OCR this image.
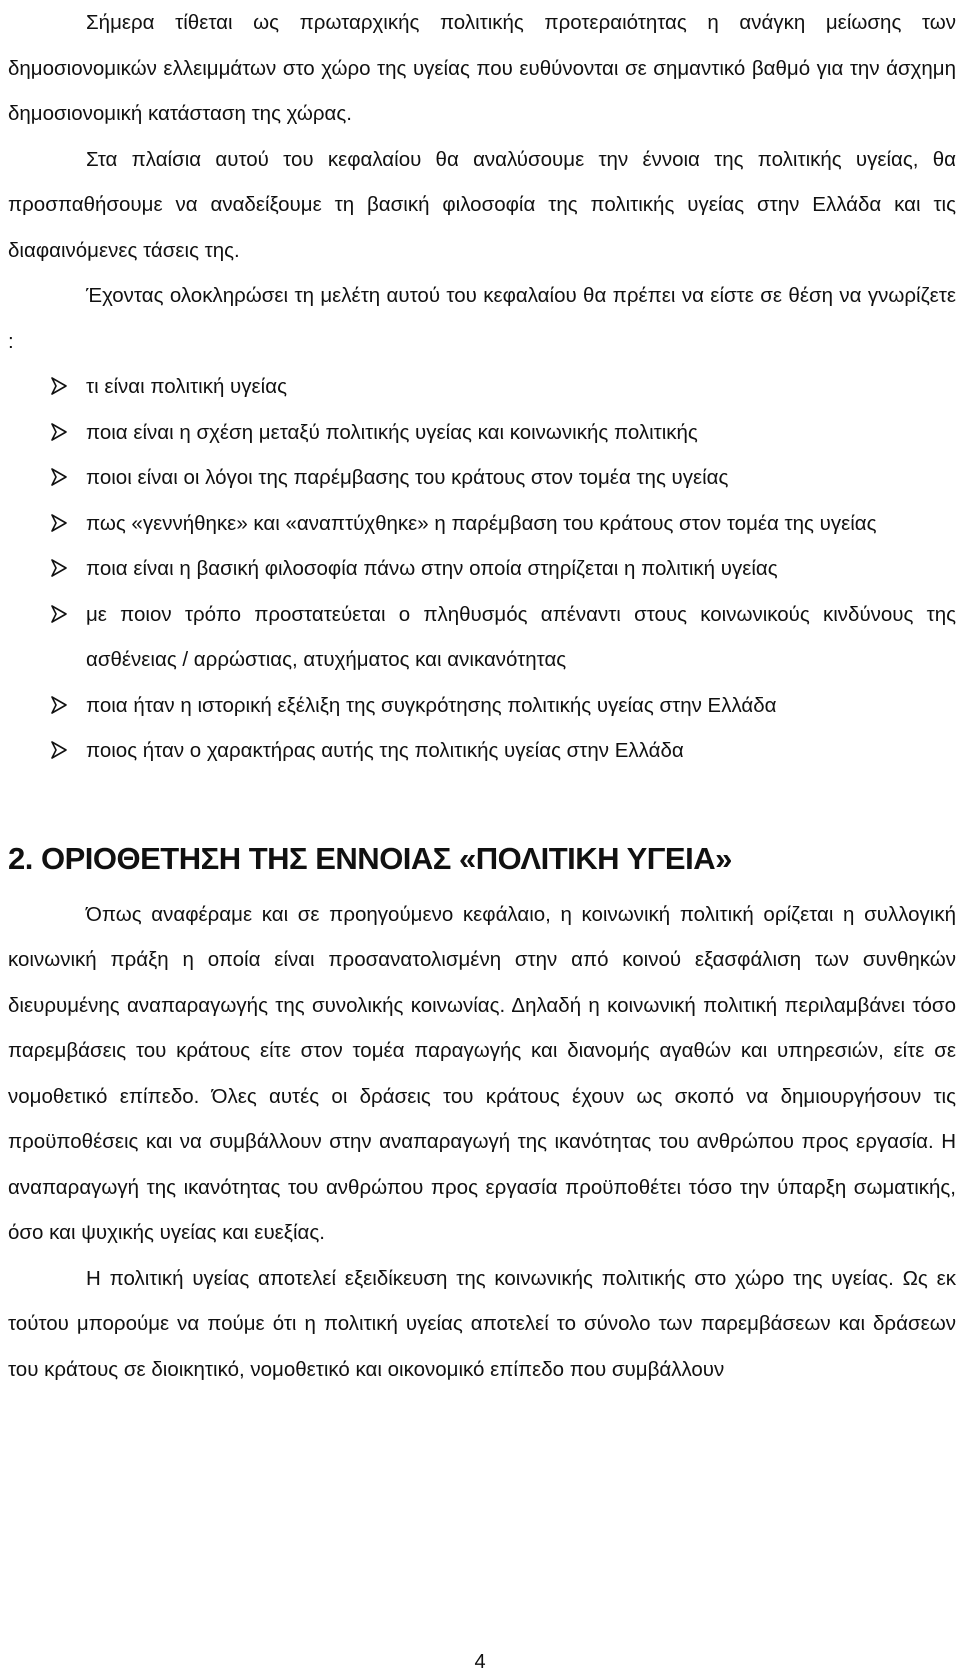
Σήμερα τίθεται ως πρωταρχικής πολιτικής προτεραιότητας η ανάγκη μείωσης των δημοσιονομικών ελλειμμάτων στο χώρο της υγείας που ευθύνονται σε σημαντικό βαθμό για την άσχημη δημοσιονομική κατάσταση της χώρας.

Στα πλαίσια αυτού του κεφαλαίου θα αναλύσουμε την έννοια της πολιτικής υγείας, θα προσπαθήσουμε να αναδείξουμε τη βασική φιλοσοφία της πολιτικής υγείας στην Ελλάδα και τις διαφαινόμενες τάσεις της.

Έχοντας ολοκληρώσει τη μελέτη αυτού του κεφαλαίου θα πρέπει να είστε σε θέση να γνωρίζετε :

τι είναι πολιτική υγείας
ποια είναι η σχέση μεταξύ πολιτικής υγείας και κοινωνικής πολιτικής
ποιοι είναι οι λόγοι της παρέμβασης του κράτους στον τομέα της υγείας
πως «γεννήθηκε» και «αναπτύχθηκε» η παρέμβαση του κράτους στον τομέα της υγείας
ποια είναι η βασική φιλοσοφία πάνω στην οποία στηρίζεται η πολιτική υγείας
με ποιον τρόπο προστατεύεται ο πληθυσμός απέναντι στους κοινωνικούς κινδύνους της ασθένειας / αρρώστιας, ατυχήματος και ανικανότητας
ποια ήταν η ιστορική εξέλιξη της συγκρότησης πολιτικής υγείας στην Ελλάδα
ποιος ήταν ο χαρακτήρας αυτής της πολιτικής υγείας στην Ελλάδα
2. ΟΡΙΟΘΕΤΗΣΗ ΤΗΣ ΕΝΝΟΙΑΣ «ΠΟΛΙΤΙΚΗ ΥΓΕΙΑ»

Όπως αναφέραμε και σε προηγούμενο κεφάλαιο, η κοινωνική πολιτική ορίζεται η συλλογική κοινωνική πράξη η οποία είναι προσανατολισμένη στην από κοινού εξασφάλιση των συνθηκών διευρυμένης αναπαραγωγής της συνολικής κοινωνίας. Δηλαδή η κοινωνική πολιτική περιλαμβάνει τόσο παρεμβάσεις του κράτους είτε στον τομέα παραγωγής και διανομής αγαθών και υπηρεσιών, είτε σε νομοθετικό επίπεδο. Όλες αυτές οι δράσεις του κράτους έχουν ως σκοπό να δημιουργήσουν τις προϋποθέσεις και να συμβάλλουν στην αναπαραγωγή της ικανότητας του ανθρώπου προς εργασία. Η αναπαραγωγή της ικανότητας του ανθρώπου προς εργασία προϋποθέτει τόσο την ύπαρξη σωματικής, όσο και ψυχικής υγείας και ευεξίας.

Η πολιτική υγείας αποτελεί εξειδίκευση της κοινωνικής πολιτικής στο χώρο της υγείας. Ως εκ τούτου μπορούμε να πούμε ότι η πολιτική υγείας αποτελεί το σύνολο των παρεμβάσεων και δράσεων του κράτους σε διοικητικό, νομοθετικό και οικονομικό επίπεδο που συμβάλλουν

4
